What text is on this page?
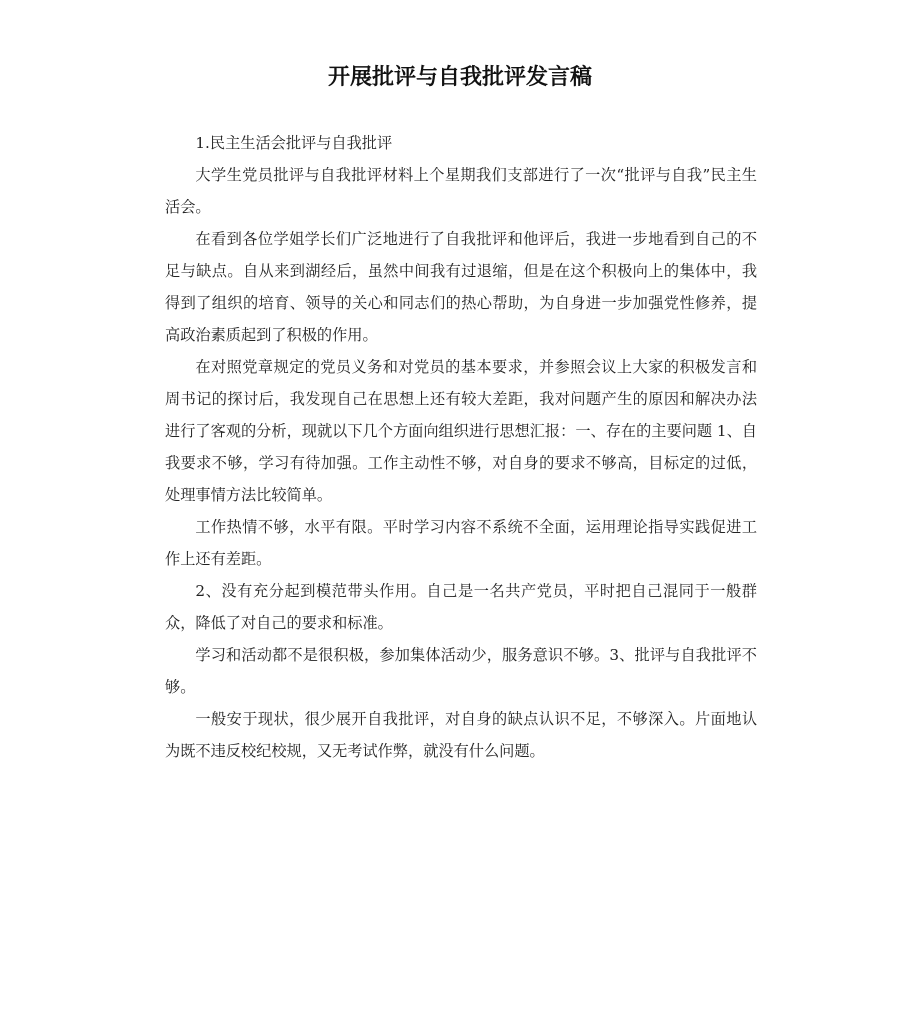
开展批评与自我批评发言稿

1.民主生活会批评与自我批评

大学生党员批评与自我批评材料上个星期我们支部进行了一次“批评与自我”民主生活会。

在看到各位学姐学长们广泛地进行了自我批评和他评后，我进一步地看到自己的不足与缺点。自从来到湖经后，虽然中间我有过退缩，但是在这个积极向上的集体中，我得到了组织的培育、领导的关心和同志们的热心帮助，为自身进一步加强党性修养，提高政治素质起到了积极的作用。

在对照党章规定的党员义务和对党员的基本要求，并参照会议上大家的积极发言和周书记的探讨后，我发现自己在思想上还有较大差距，我对问题产生的原因和解决办法进行了客观的分析，现就以下几个方面向组织进行思想汇报：一、存在的主要问题 1、自我要求不够，学习有待加强。工作主动性不够，对自身的要求不够高，目标定的过低，处理事情方法比较简单。

工作热情不够，水平有限。平时学习内容不系统不全面，运用理论指导实践促进工作上还有差距。

2、没有充分起到模范带头作用。自己是一名共产党员，平时把自己混同于一般群众，降低了对自己的要求和标准。

学习和活动都不是很积极，参加集体活动少，服务意识不够。3、批评与自我批评不够。

一般安于现状，很少展开自我批评，对自身的缺点认识不足，不够深入。片面地认为既不违反校纪校规，又无考试作弊，就没有什么问题。
